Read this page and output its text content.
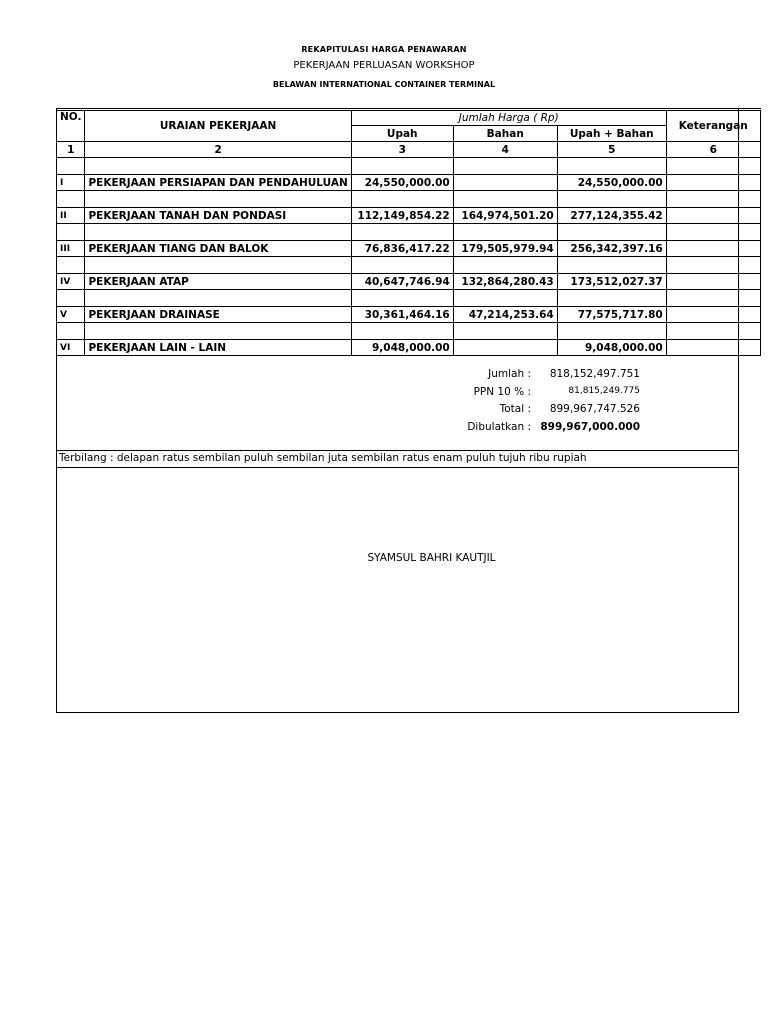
REKAPITULASI HARGA PENAWARAN
PEKERJAAN PERLUASAN WORKSHOP
BELAWAN INTERNATIONAL CONTAINER TERMINAL
NO.	URAIAN PEKERJAAN	Jumlah Harga ( Rp)			Keterangan
		Upah	Bahan	Upah + Bahan	
1	2	3	4	5	6

I	PEKERJAAN PERSIAPAN DAN PENDAHULUAN	24,550,000.00		24,550,000.00	

II	PEKERJAAN TANAH DAN PONDASI	112,149,854.22	164,974,501.20	277,124,355.42	

III	PEKERJAAN TIANG DAN BALOK	76,836,417.22	179,505,979.94	256,342,397.16	

IV	PEKERJAAN ATAP	40,647,746.94	132,864,280.43	173,512,027.37	

V	PEKERJAAN DRAINASE	30,361,464.16	47,214,253.64	77,575,717.80	

VI	PEKERJAAN LAIN - LAIN	9,048,000.00		9,048,000.00	
Jumlah : 818,152,497.751
PPN 10 % :	81,815,249.775
Total : 899,967,747.526
Dibulatkan : 899,967,000.000
Terbilang : delapan ratus sembilan puluh sembilan juta sembilan ratus enam puluh tujuh ribu rupiah
SYAMSUL BAHRI KAUTJIL
